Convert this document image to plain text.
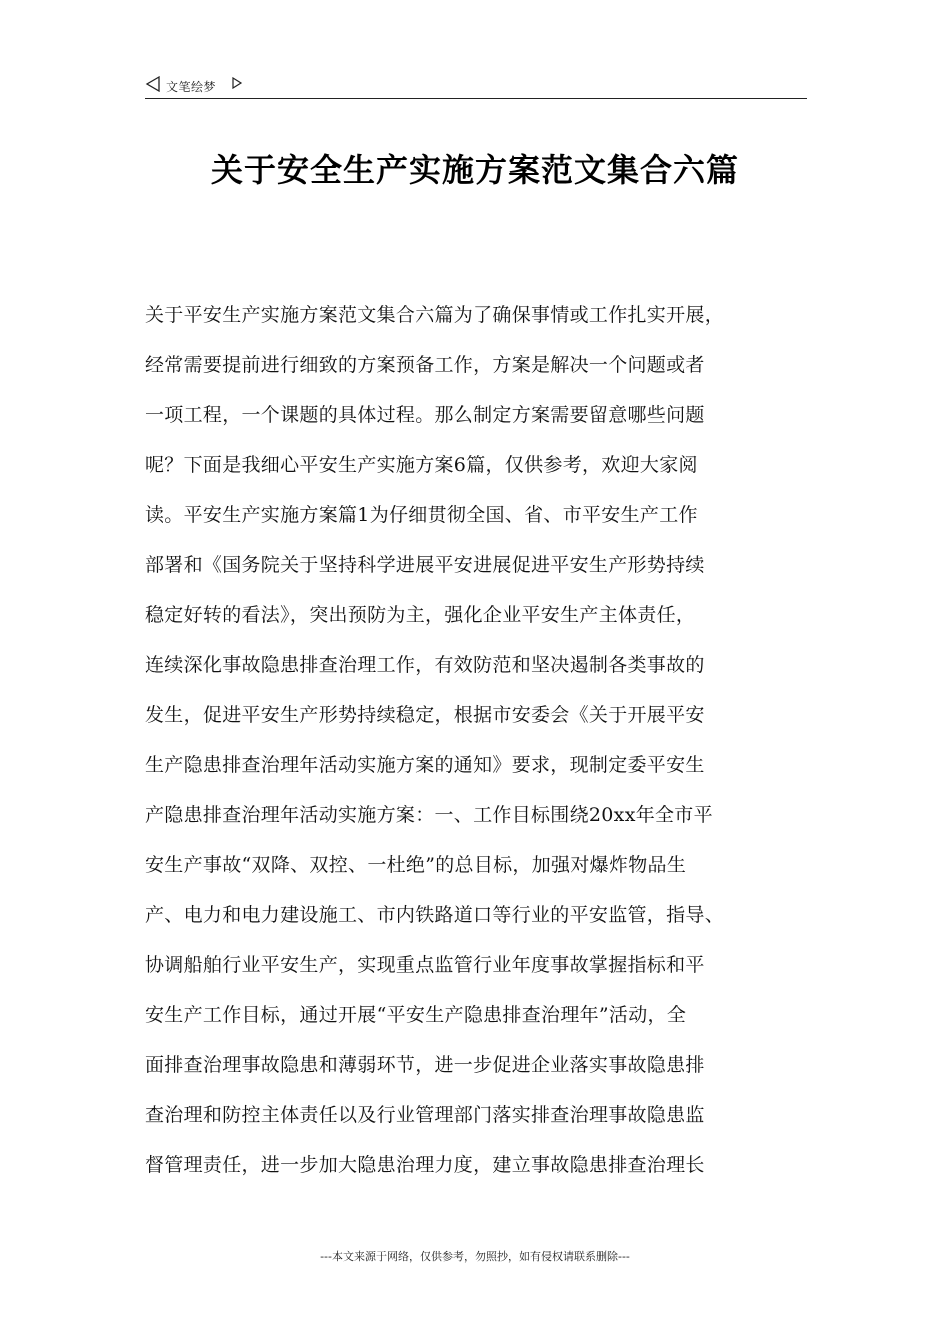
文笔绘梦
关于安全生产实施方案范文集合六篇
关于平安生产实施方案范文集合六篇为了确保事情或工作扎实开展，
经常需要提前进行细致的方案预备工作，方案是解决一个问题或者
一项工程，一个课题的具体过程。那么制定方案需要留意哪些问题
呢？下面是我细心平安生产实施方案6篇，仅供参考，欢迎大家阅
读。平安生产实施方案篇1为仔细贯彻全国、省、市平安生产工作
部署和《国务院关于坚持科学进展平安进展促进平安生产形势持续
稳定好转的看法》，突出预防为主，强化企业平安生产主体责任，
连续深化事故隐患排查治理工作，有效防范和坚决遏制各类事故的
发生，促进平安生产形势持续稳定，根据市安委会《关于开展平安
生产隐患排查治理年活动实施方案的通知》要求，现制定委平安生
产隐患排查治理年活动实施方案：一、工作目标围绕20xx年全市平
安生产事故“双降、双控、一杜绝”的总目标，加强对爆炸物品生
产、电力和电力建设施工、市内铁路道口等行业的平安监管，指导、
协调船舶行业平安生产，实现重点监管行业年度事故掌握指标和平
安生产工作目标，通过开展“平安生产隐患排查治理年”活动，全
面排查治理事故隐患和薄弱环节，进一步促进企业落实事故隐患排
查治理和防控主体责任以及行业管理部门落实排查治理事故隐患监
督管理责任，进一步加大隐患治理力度，建立事故隐患排查治理长
---本文来源于网络，仅供参考，勿照抄，如有侵权请联系删除---
